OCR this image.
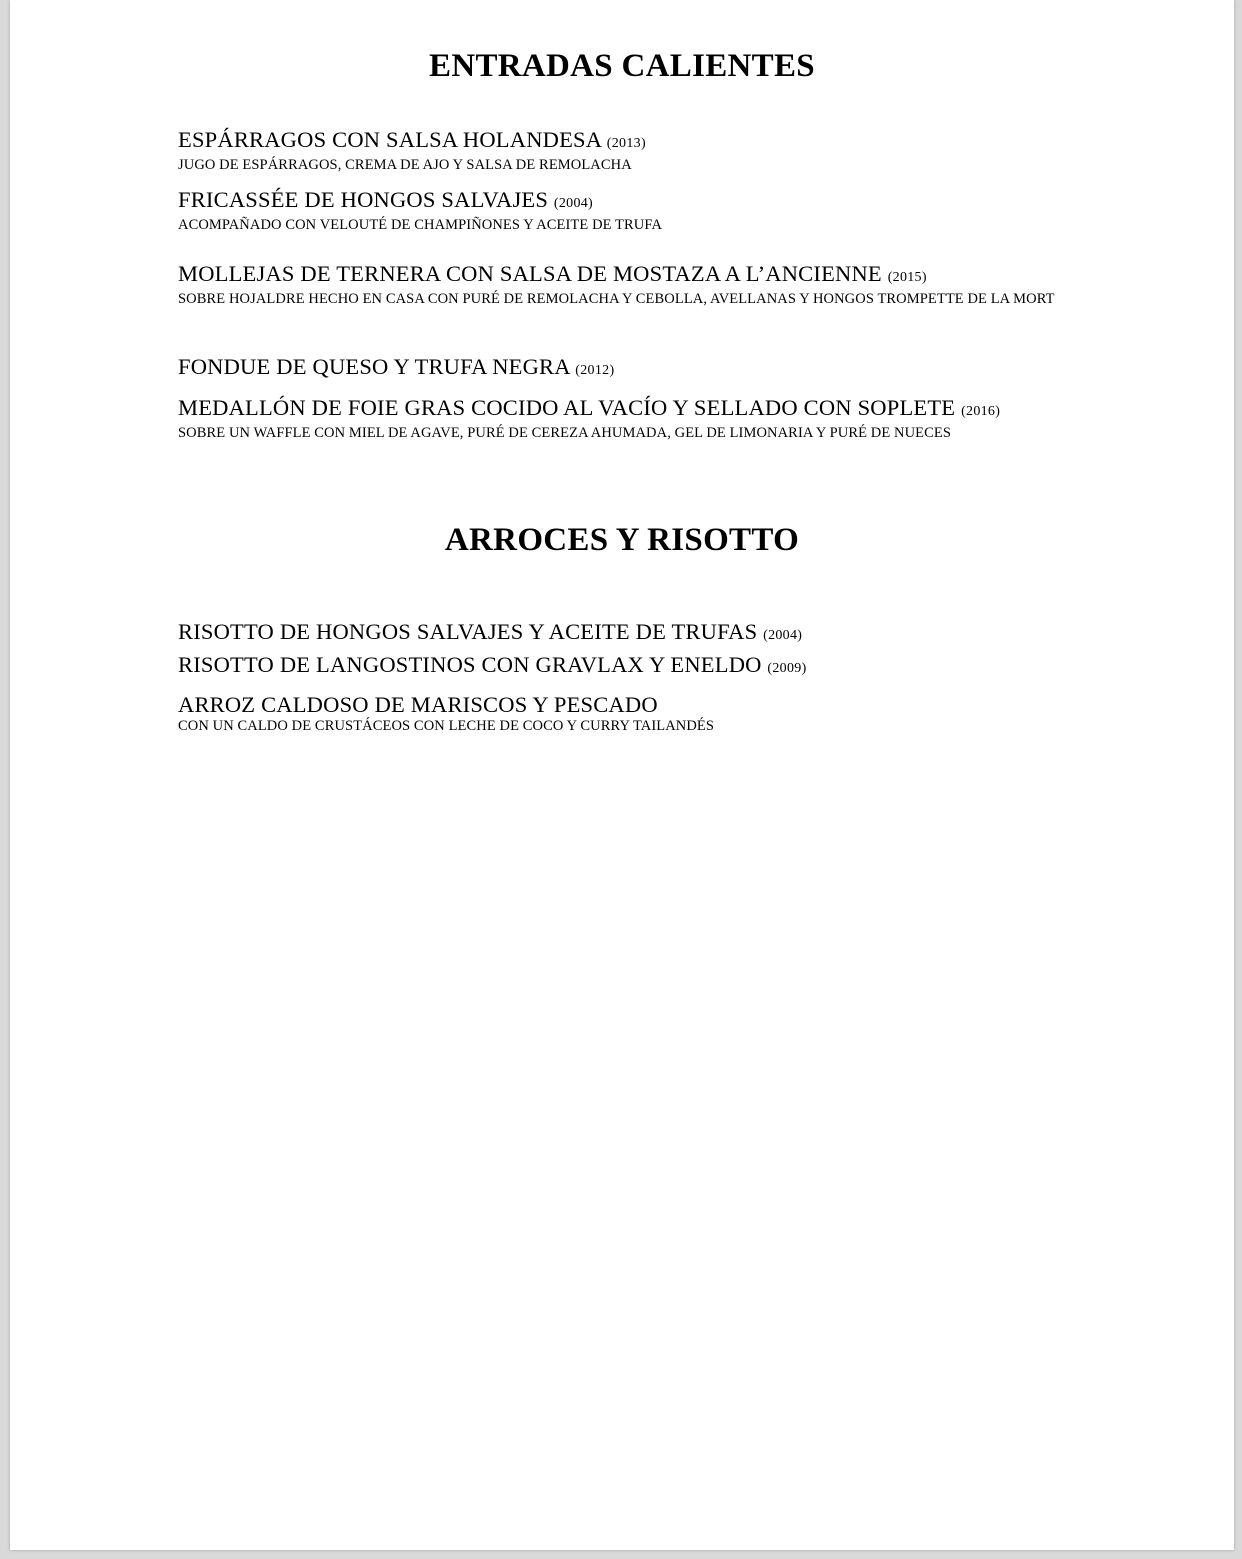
ENTRADAS CALIENTES
ESPÁRRAGOS CON SALSA HOLANDESA (2013)
JUGO DE ESPÁRRAGOS, CREMA DE AJO Y SALSA DE REMOLACHA
FRICASSÉE DE HONGOS SALVAJES (2004)
ACOMPAÑADO CON VELOUTÉ DE CHAMPIÑONES Y ACEITE DE TRUFA
MOLLEJAS DE TERNERA CON SALSA DE MOSTAZA A L’ANCIENNE (2015)
SOBRE HOJALDRE HECHO EN CASA CON PURÉ DE REMOLACHA Y CEBOLLA, AVELLANAS Y HONGOS TROMPETTE DE LA MORT
FONDUE DE QUESO Y TRUFA NEGRA (2012)
MEDALLÓN DE FOIE GRAS COCIDO AL VACÍO Y SELLADO CON SOPLETE (2016)
SOBRE UN WAFFLE CON MIEL DE AGAVE, PURÉ DE CEREZA AHUMADA, GEL DE LIMONARIA Y PURÉ DE NUECES
ARROCES Y RISOTTO
RISOTTO DE HONGOS SALVAJES Y ACEITE DE TRUFAS (2004)
RISOTTO DE LANGOSTINOS CON GRAVLAX Y ENELDO (2009)
ARROZ CALDOSO DE MARISCOS Y PESCADO
CON UN CALDO DE CRUSTÁCEOS CON LECHE DE COCO Y CURRY TAILANDÉS
